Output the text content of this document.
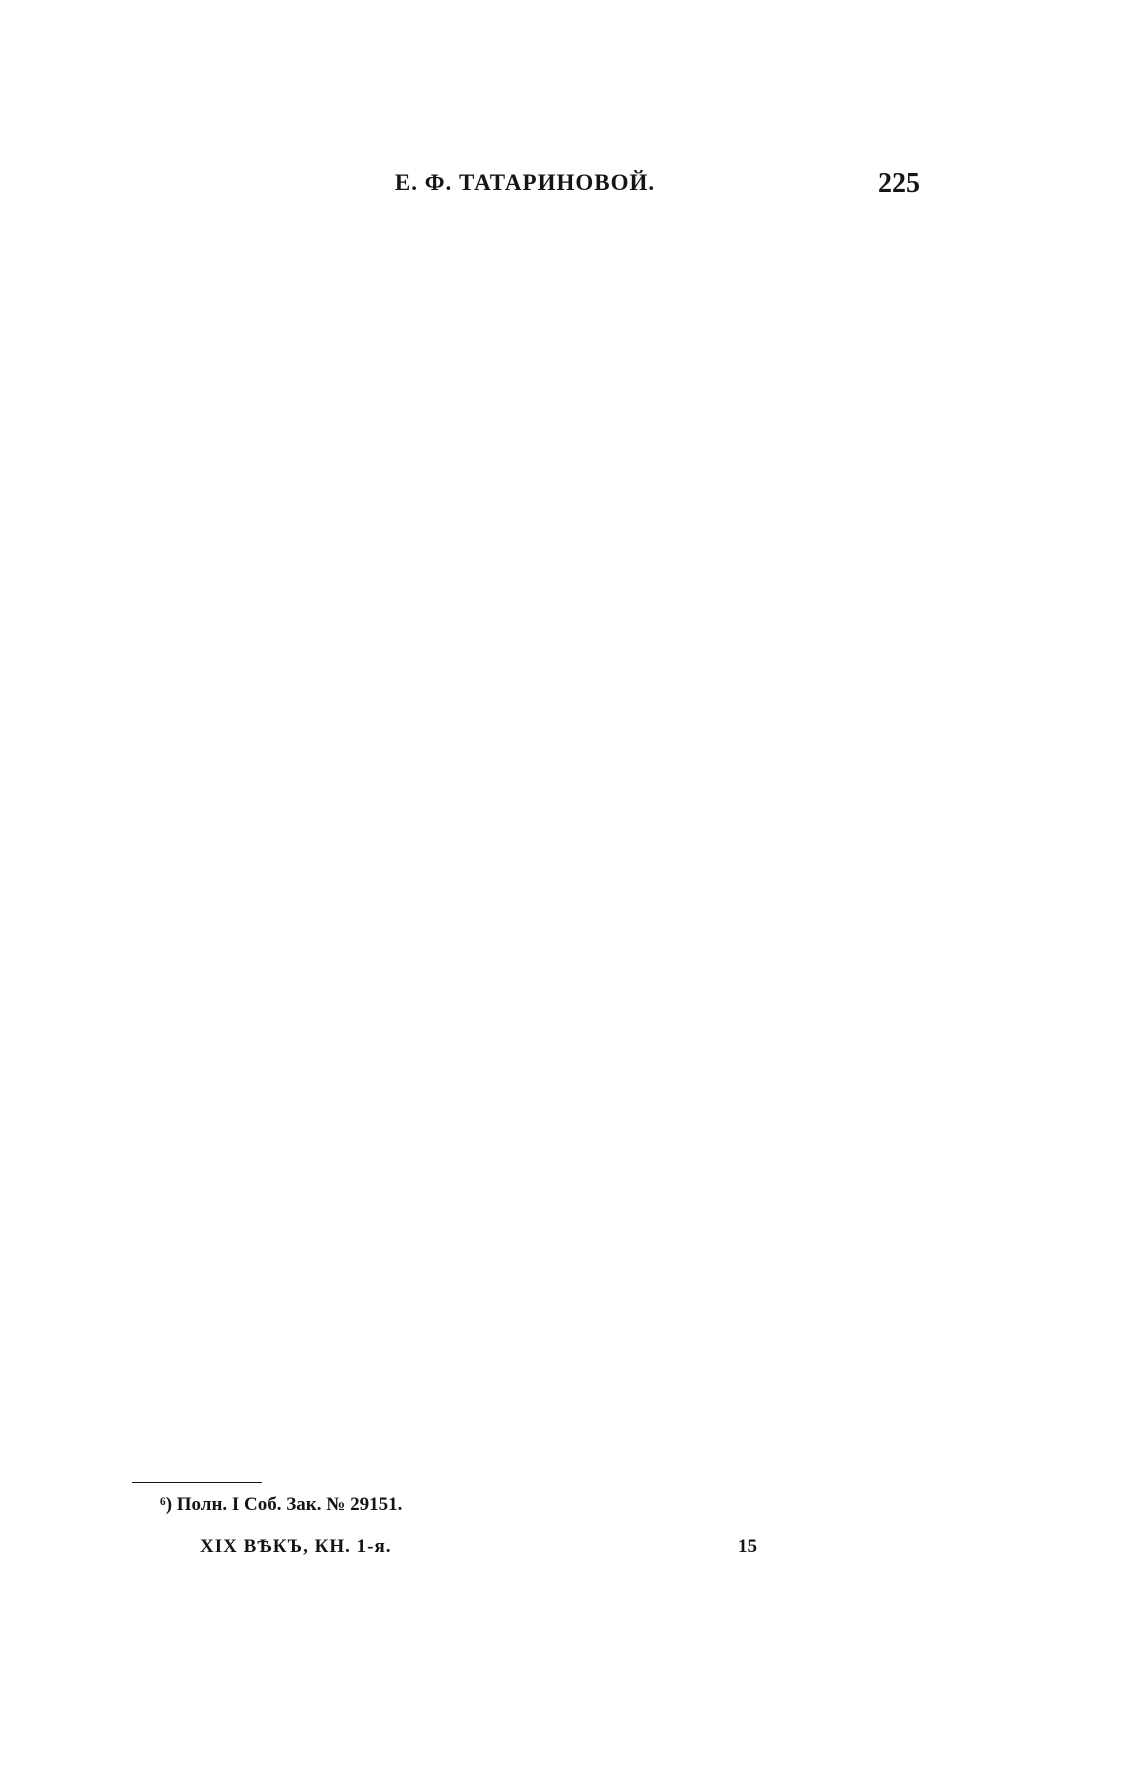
Е. Ф. ТАТАРИНОВОЙ.	225

⁶) Полн. I Соб. Зак. № 29151.
XIX ВѢКЪ, КН. 1-я.	15
